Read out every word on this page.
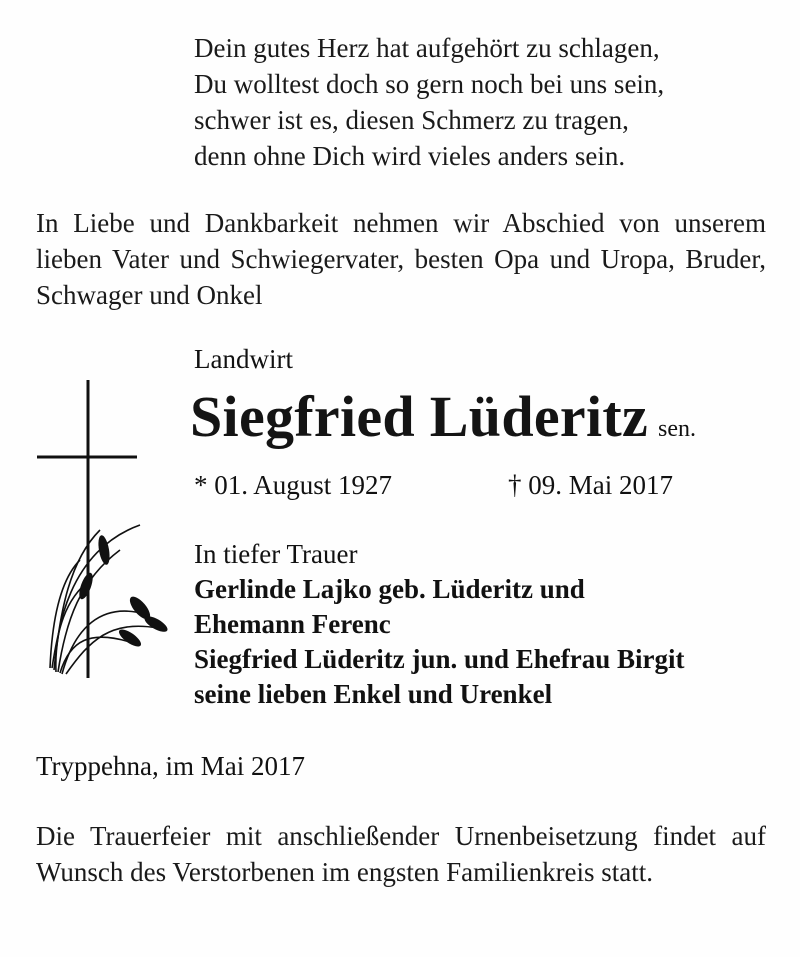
Dein gutes Herz hat aufgehört zu schlagen,
Du wolltest doch so gern noch bei uns sein,
schwer ist es, diesen Schmerz zu tragen,
denn ohne Dich wird vieles anders sein.
In Liebe und Dankbarkeit nehmen wir Abschied von unserem lieben Vater und Schwiegervater, besten Opa und Uropa, Bruder, Schwager und Onkel
Landwirt
Siegfried Lüderitz sen.
* 01. August 1927	† 09. Mai 2017
In tiefer Trauer
Gerlinde Lajko geb. Lüderitz und
Ehemann Ferenc
Siegfried Lüderitz jun. und Ehefrau Birgit
seine lieben Enkel und Urenkel
Tryppehna, im Mai 2017
Die Trauerfeier mit anschließender Urnenbeisetzung findet auf Wunsch des Verstorbenen im engsten Familienkreis statt.
